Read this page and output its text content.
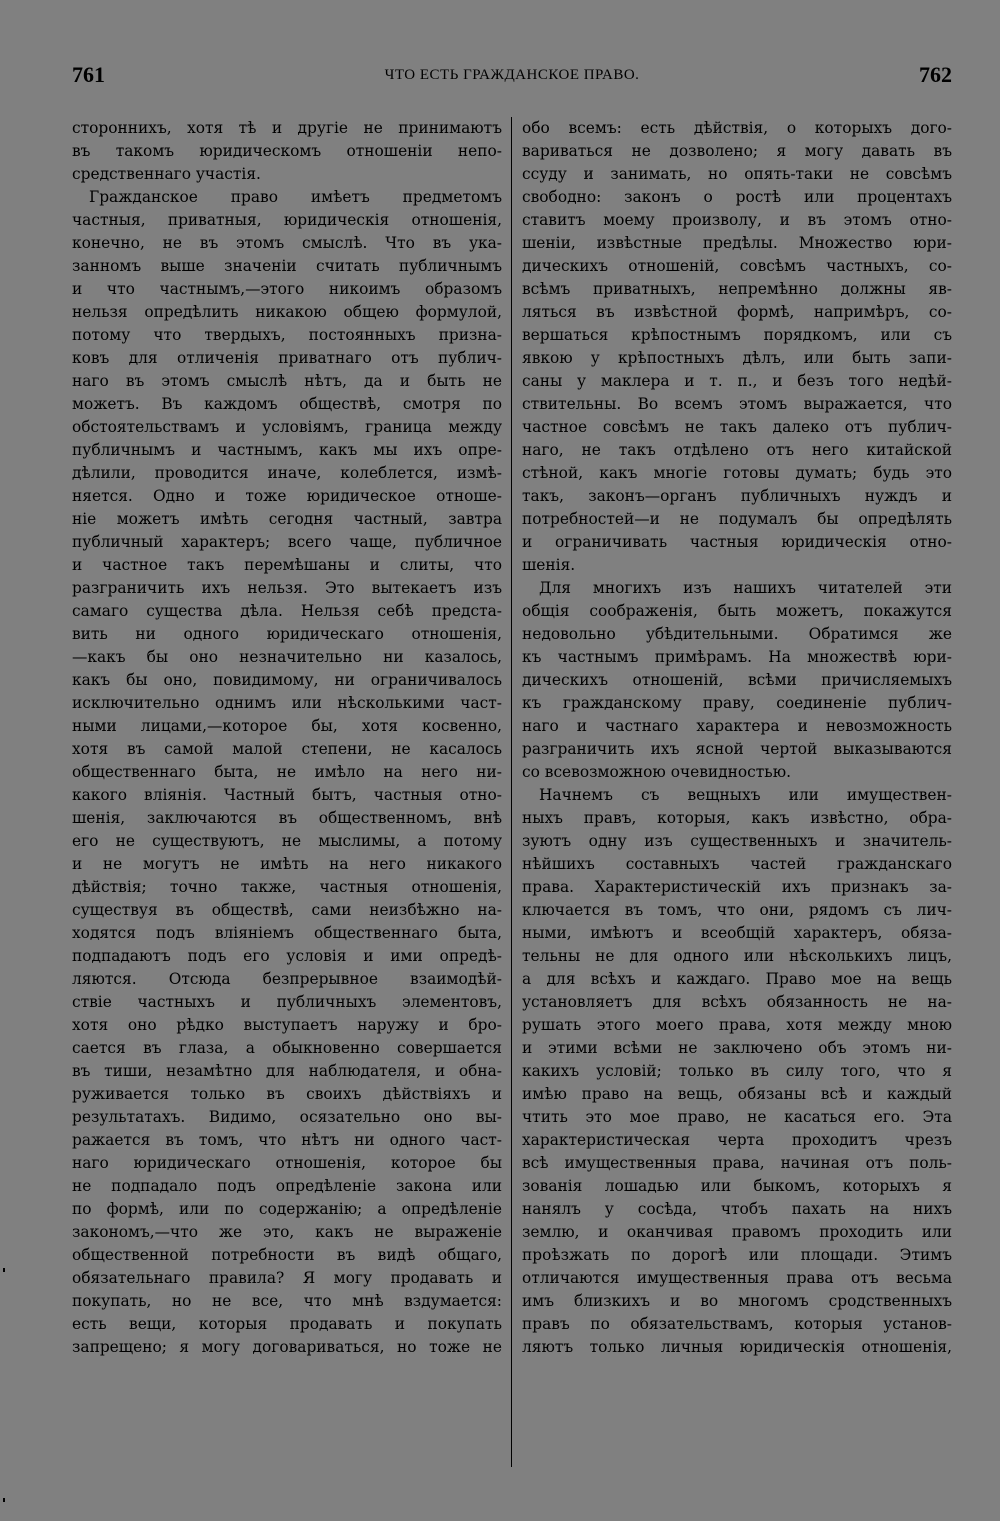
761	ЧТО ЕСТЬ ГРАЖДАНСКОЕ ПРАВО.	762
стороннихъ, хотя тѣ и другіе не принимаютъ
въ такомъ юридическомъ отношеніи непо-
средственнаго участія.
Гражданское право имѣетъ предметомъ
частныя, приватныя, юридическія отношенія,
конечно, не въ этомъ смыслѣ. Что въ ука-
занномъ выше значеніи считать публичнымъ
и что частнымъ,—этого никоимъ образомъ
нельзя опредѣлить никакою общею формулой,
потому что твердыхъ, постоянныхъ призна-
ковъ для отличенія приватнаго отъ публич-
наго въ этомъ смыслѣ нѣтъ, да и быть не
можетъ. Въ каждомъ обществѣ, смотря по
обстоятельствамъ и условіямъ, граница между
публичнымъ и частнымъ, какъ мы ихъ опре-
дѣлили, проводится иначе, колеблется, измѣ-
няется. Одно и тоже юридическое отноше-
ніе можетъ имѣть сегодня частный, завтра
публичный характеръ; всего чаще, публичное
и частное такъ перемѣшаны и слиты, что
разграничить ихъ нельзя. Это вытекаетъ изъ
самаго существа дѣла. Нельзя себѣ предста-
вить ни одного юридическаго отношенія,
—какъ бы оно незначительно ни казалось,
какъ бы оно, повидимому, ни ограничивалось
исключительно однимъ или нѣсколькими част-
ными лицами,—которое бы, хотя косвенно,
хотя въ самой малой степени, не касалось
общественнаго быта, не имѣло на него ни-
какого вліянія. Частный бытъ, частныя отно-
шенія, заключаются въ общественномъ, внѣ
его не существуютъ, не мыслимы, а потому
и не могутъ не имѣть на него никакого
дѣйствія; точно также, частныя отношенія,
существуя въ обществѣ, сами неизбѣжно на-
ходятся подъ вліяніемъ общественнаго быта,
подпадаютъ подъ его условія и ими опредѣ-
ляются. Отсюда безпрерывное взаимодѣй-
ствіе частныхъ и публичныхъ элементовъ,
хотя оно рѣдко выступаетъ наружу и бро-
сается въ глаза, а обыкновенно совершается
въ тиши, незамѣтно для наблюдателя, и обна-
руживается только въ своихъ дѣйствіяхъ и
результатахъ. Видимо, осязательно оно вы-
ражается въ томъ, что нѣтъ ни одного част-
наго юридическаго отношенія, которое бы
не подпадало подъ опредѣленіе закона или
по формѣ, или по содержанію; а опредѣленіе
закономъ,—что же это, какъ не выраженіе
общественной потребности въ видѣ общаго,
обязательнаго правила? Я могу продавать и
покупать, но не все, что мнѣ вздумается:
есть вещи, которыя продавать и покупать
запрещено; я могу договариваться, но тоже не
обо всемъ: есть дѣйствія, о которыхъ дого-
вариваться не дозволено; я могу давать въ
ссуду и занимать, но опять-таки не совсѣмъ
свободно: законъ о ростѣ или процентахъ
ставитъ моему произволу, и въ этомъ отно-
шеніи, извѣстные предѣлы. Множество юри-
дическихъ отношеній, совсѣмъ частныхъ, со-
всѣмъ приватныхъ, непремѣнно должны яв-
ляться въ извѣстной формѣ, напримѣръ, со-
вершаться крѣпостнымъ порядкомъ, или съ
явкою у крѣпостныхъ дѣлъ, или быть запи-
саны у маклера и т. п., и безъ того недѣй-
ствительны. Во всемъ этомъ выражается, что
частное совсѣмъ не такъ далеко отъ публич-
наго, не такъ отдѣлено отъ него китайской
стѣной, какъ многіе готовы думать; будь это
такъ, законъ—органъ публичныхъ нуждъ и
потребностей—и не подумалъ бы опредѣлять
и ограничивать частныя юридическія отно-
шенія.
Для многихъ изъ нашихъ читателей эти
общія соображенія, быть можетъ, покажутся
недовольно убѣдительными. Обратимся же
къ частнымъ примѣрамъ. На множествѣ юри-
дическихъ отношеній, всѣми причисляемыхъ
къ гражданскому праву, соединеніе публич-
наго и частнаго характера и невозможность
разграничить ихъ ясной чертой выказываются
со всевозможною очевидностью.
Начнемъ съ вещныхъ или имуществен-
ныхъ правъ, которыя, какъ извѣстно, обра-
зуютъ одну изъ существенныхъ и значитель-
нѣйшихъ составныхъ частей гражданскаго
права. Характеристическій ихъ признакъ за-
ключается въ томъ, что они, рядомъ съ лич-
ными, имѣютъ и всеобщій характеръ, обяза-
тельны не для одного или нѣсколькихъ лицъ,
а для всѣхъ и каждаго. Право мое на вещь
установляетъ для всѣхъ обязанность не на-
рушать этого моего права, хотя между мною
и этими всѣми не заключено объ этомъ ни-
какихъ условій; только въ силу того, что я
имѣю право на вещь, обязаны всѣ и каждый
чтить это мое право, не касаться его. Эта
характеристическая черта проходитъ чрезъ
всѣ имущественныя права, начиная отъ поль-
зованія лошадью или быкомъ, которыхъ я
нанялъ у сосѣда, чтобъ пахать на нихъ
землю, и оканчивая правомъ проходить или
проѣзжать по дорогѣ или площади. Этимъ
отличаются имущественныя права отъ весьма
имъ близкихъ и во многомъ сродственныхъ
правъ по обязательствамъ, которыя установ-
ляютъ только личныя юридическія отношенія,
